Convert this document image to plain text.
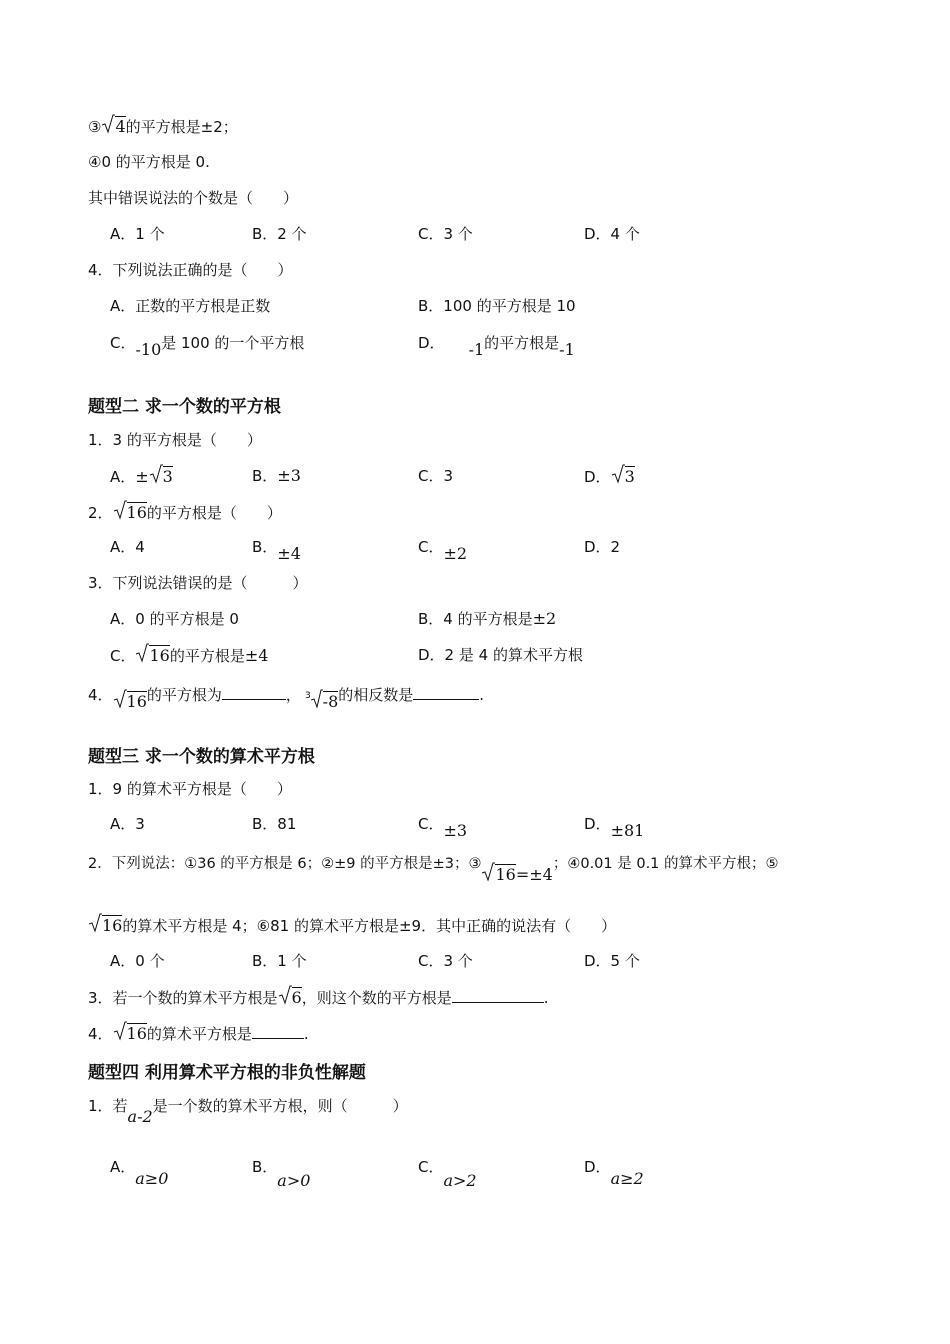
③ 4的平方根是±2；
④0 的平方根是 0.
其中错误说法的个数是（　　）
A．1 个	B．2 个	C．3 个	D．4 个
4．下列说法正确的是（　　）
A．正数的平方根是正数	B．100 的平方根是 10
C．-10是 100 的一个平方根	D． -1的平方根是-1
题型二 求一个数的平方根
1．3 的平方根是（　　）
A．± 3	B．±3	C．3	D． 3
2． 16的平方根是（　　）
A．4	B．±4	C．±2	D．2
3．下列说法错误的是（　　　）
A．0 的平方根是 0	B．4 的平方根是±2
C． 16的平方根是±4	D．2 是 4 的算术平方根
4． 16的平方根为	， $^3$ -8的相反数是	.
题型三 求一个数的算术平方根
1．9 的算术平方根是（　　）
A．3	B．81	C．±3	D．±81
2．下列说法：①36 的平方根是 6；②±9 的平方根是±3；③16=±4；④0.01 是 0.1 的算术平方根；⑤
16的算术平方根是 4；⑥81 的算术平方根是±9．其中正确的说法有（　　）
A．0 个	B．1 个	C．3 个	D．5 个
3．若一个数的算术平方根是 6，则这个数的平方根是	.
4． 16的算术平方根是	.
题型四 利用算术平方根的非负性解题
1．若a-2是一个数的算术平方根，则（　　　）
A．a≥0
B．a>0
C．a>2
D．a≥2
